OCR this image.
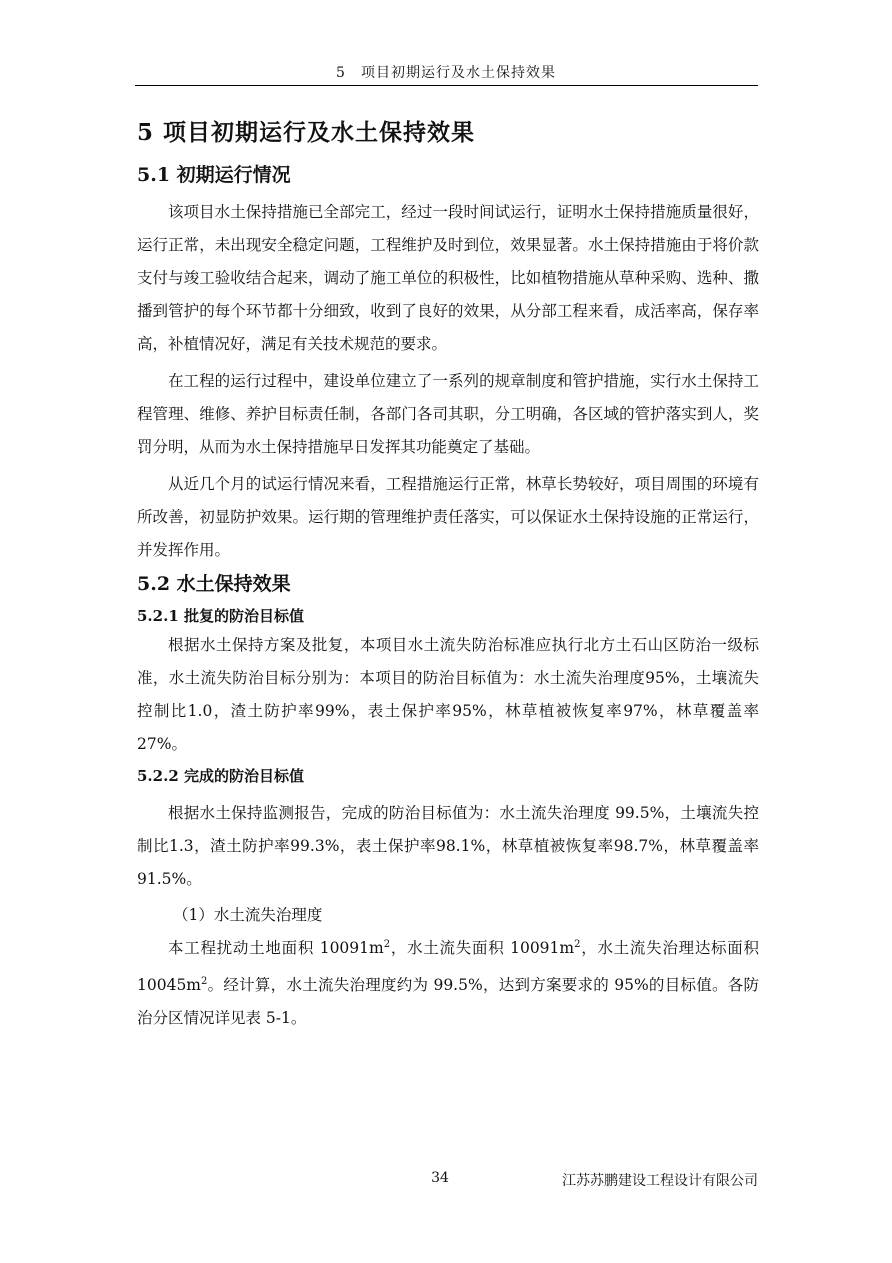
5　项目初期运行及水土保持效果
5 项目初期运行及水土保持效果
5.1 初期运行情况

该项目水土保持措施已全部完工，经过一段时间试运行，证明水土保持措施质量很好，运行正常，未出现安全稳定问题，工程维护及时到位，效果显著。水土保持措施由于将价款支付与竣工验收结合起来，调动了施工单位的积极性，比如植物措施从草种采购、选种、撒播到管护的每个环节都十分细致，收到了良好的效果，从分部工程来看，成活率高，保存率高，补植情况好，满足有关技术规范的要求。

在工程的运行过程中，建设单位建立了一系列的规章制度和管护措施，实行水土保持工程管理、维修、养护目标责任制，各部门各司其职，分工明确，各区域的管护落实到人，奖罚分明，从而为水土保持措施早日发挥其功能奠定了基础。

从近几个月的试运行情况来看，工程措施运行正常，林草长势较好，项目周围的环境有所改善，初显防护效果。运行期的管理维护责任落实，可以保证水土保持设施的正常运行，并发挥作用。

5.2 水土保持效果
5.2.1 批复的防治目标值

根据水土保持方案及批复，本项目水土流失防治标准应执行北方土石山区防治一级标准，水土流失防治目标分别为：本项目的防治目标值为：水土流失治理度95%，土壤流失控制比1.0，渣土防护率99%，表土保护率95%，林草植被恢复率97%，林草覆盖率27%。

5.2.2 完成的防治目标值

根据水土保持监测报告，完成的防治目标值为：水土流失治理度 99.5%，土壤流失控制比1.3，渣土防护率99.3%，表土保护率98.1%，林草植被恢复率98.7%，林草覆盖率91.5%。

（1）水土流失治理度

本工程扰动土地面积 $10091m^2$，水土流失面积 $10091m^2$，水土流失治理达标面积 $10045m^2$。经计算，水土流失治理度约为 99.5%，达到方案要求的 95%的目标值。各防治分区情况详见表 5-1。

34	江苏苏鹏建设工程设计有限公司
